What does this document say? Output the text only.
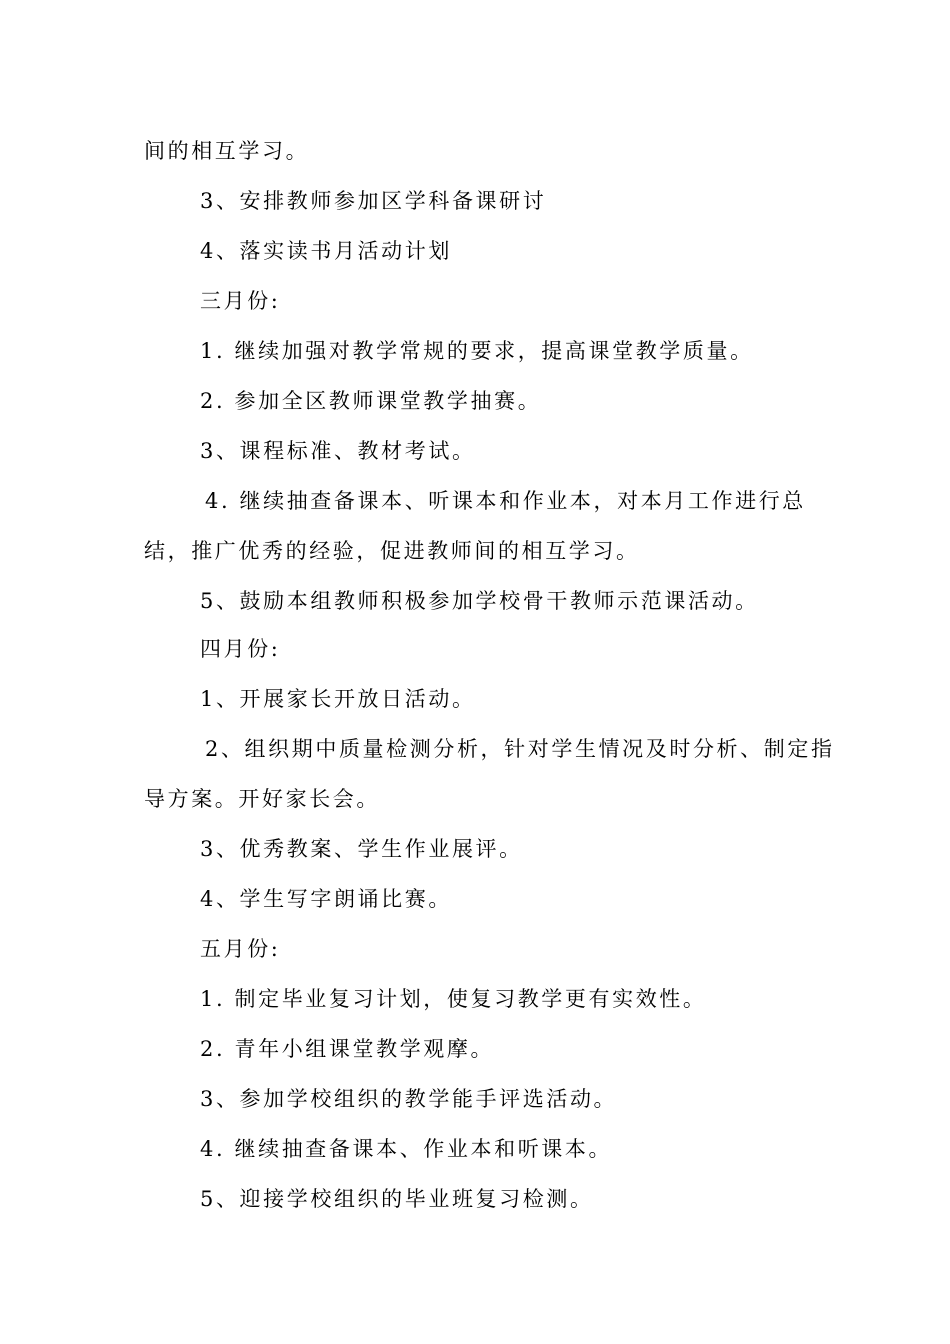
间的相互学习。

3、安排教师参加区学科备课研讨

4、落实读书月活动计划

三月份:

1. 继续加强对教学常规的要求，提高课堂教学质量。

2. 参加全区教师课堂教学抽赛。

3、课程标准、教材考试。

4. 继续抽查备课本、听课本和作业本，对本月工作进行总

结，推广优秀的经验，促进教师间的相互学习。

5、鼓励本组教师积极参加学校骨干教师示范课活动。

四月份:

1、开展家长开放日活动。

2、组织期中质量检测分析，针对学生情况及时分析、制定指

导方案。开好家长会。

3、优秀教案、学生作业展评。

4、学生写字朗诵比赛。

五月份:

1. 制定毕业复习计划，使复习教学更有实效性。

2. 青年小组课堂教学观摩。

3、参加学校组织的教学能手评选活动。

4. 继续抽查备课本、作业本和听课本。

5、迎接学校组织的毕业班复习检测。
